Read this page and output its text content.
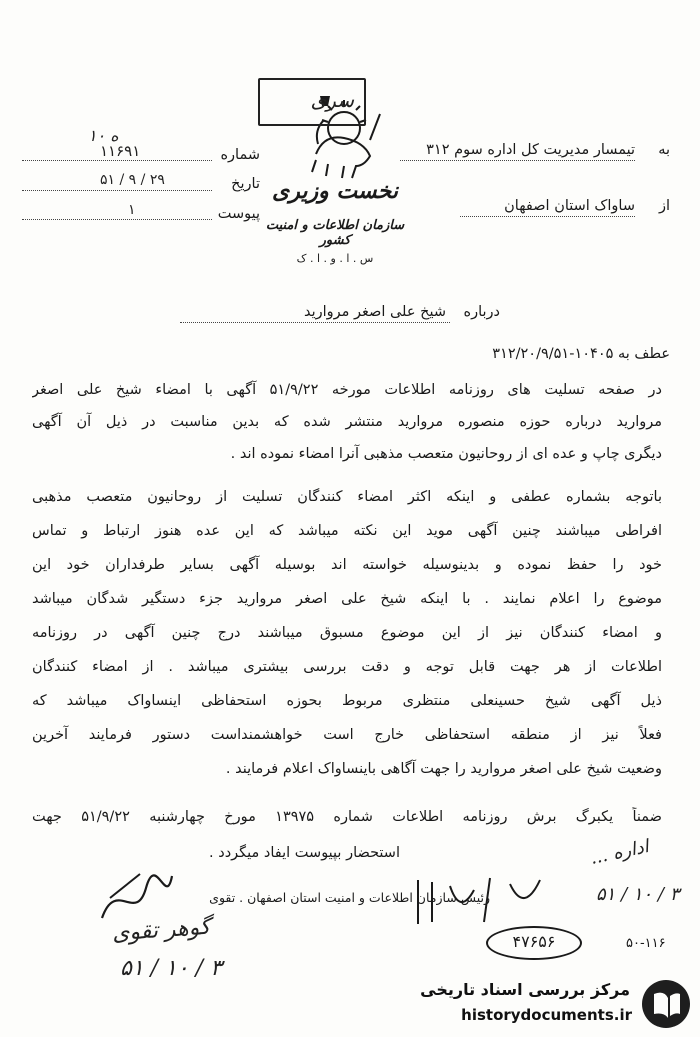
سری
نخست وزیری
سازمان اطلاعات و امنیت کشور
س . ا . و . ا . ک
۱۰ ه
شماره
۱۱۶۹۱
تاریخ
۲۹ / ۹ / ۵۱
پیوست
۱
به
تیمسار مدیریت کل اداره سوم ۳۱۲
از
ساواک استان اصفهان
درباره
شیخ علی اصغر مروارید
عطف به ۱۰۴۰۵-۳۱۲/۲۰/۹/۵۱
در صفحه تسلیت های روزنامه اطلاعات مورخه ۵۱/۹/۲۲ آگهی با امضاء شیخ علی اصغر
مروارید درباره حوزه منصوره مروارید منتشر شده که بدین مناسبت در ذیل آن آگهی
دیگری چاپ و عده ای از روحانیون متعصب مذهبی آنرا امضاء نموده اند .
باتوجه بشماره عطفی و اینکه اکثر امضاء کنندگان تسلیت از روحانیون متعصب مذهبی
افراطی میباشند چنین آگهی موید این نکته میباشد که این عده هنوز ارتباط و تماس
خود را حفظ نموده و بدینوسیله خواسته اند بوسیله آگهی بسایر طرفداران خود این
موضوع را اعلام نمایند . با اینکه شیخ علی اصغر مروارید جزء دستگیر شدگان میباشد
و امضاء کنندگان نیز از این موضوع مسبوق میباشند درج چنین آگهی در روزنامه
اطلاعات از هر جهت قابل توجه و دقت بررسی بیشتری میباشد . از امضاء کنندگان
ذیل آگهی شیخ حسینعلی منتظری مربوط بحوزه استحفاظی اینساواک میباشد که
فعلاً نیز از منطقه استحفاظی خارج است خواهشمنداست دستور فرمایند آخرین
وضعیت شیخ علی اصغر مروارید را جهت آگاهی باینساواک اعلام فرمایند .
ضمناً یکبرگ برش روزنامه اطلاعات شماره ۱۳۹۷۵ مورخ چهارشنبه ۵۱/۹/۲۲ جهت
استحضار بپیوست ایفاد میگردد .
رئیس سازمان اطلاعات و امنیت استان اصفهان . تقوی
گوهر تقوی
۳ / ۱۰ / ۵۱
اداره ...
۳ / ۱۰ / ۵۱
۴۷۶۵۶	۵۰-۱۱۶
مرکز بررسی اسناد تاریخی
historydocuments.ir
